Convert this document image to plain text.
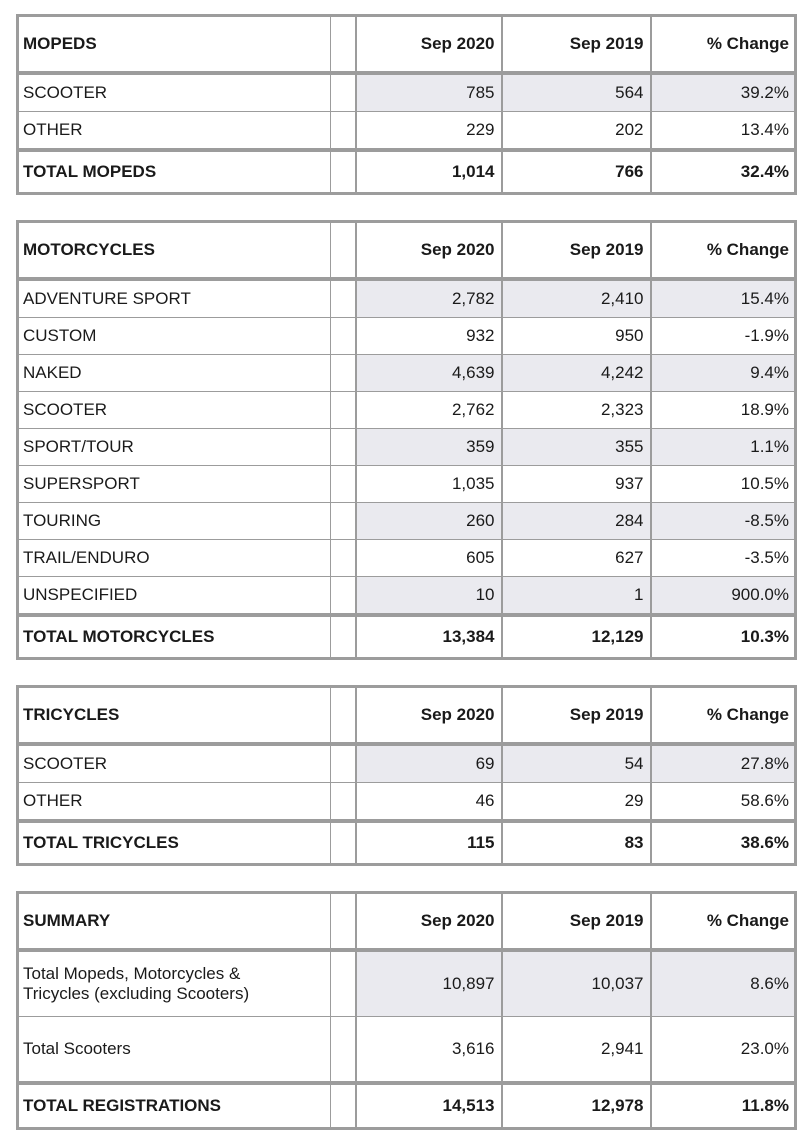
MOPEDS		Sep 2020	Sep 2019	% Change
SCOOTER		785	564	39.2%
OTHER		229	202	13.4%
TOTAL MOPEDS		1,014	766	32.4%
MOTORCYCLES		Sep 2020	Sep 2019	% Change
ADVENTURE SPORT		2,782	2,410	15.4%
CUSTOM		932	950	-1.9%
NAKED		4,639	4,242	9.4%
SCOOTER		2,762	2,323	18.9%
SPORT/TOUR		359	355	1.1%
SUPERSPORT		1,035	937	10.5%
TOURING		260	284	-8.5%
TRAIL/ENDURO		605	627	-3.5%
UNSPECIFIED		10	1	900.0%
TOTAL MOTORCYCLES		13,384	12,129	10.3%
TRICYCLES		Sep 2020	Sep 2019	% Change
SCOOTER		69	54	27.8%
OTHER		46	29	58.6%
TOTAL TRICYCLES		115	83	38.6%
SUMMARY		Sep 2020	Sep 2019	% Change
Total Mopeds, Motorcycles & Tricycles (excluding Scooters)		10,897	10,037	8.6%
Total Scooters		3,616	2,941	23.0%
TOTAL REGISTRATIONS		14,513	12,978	11.8%
